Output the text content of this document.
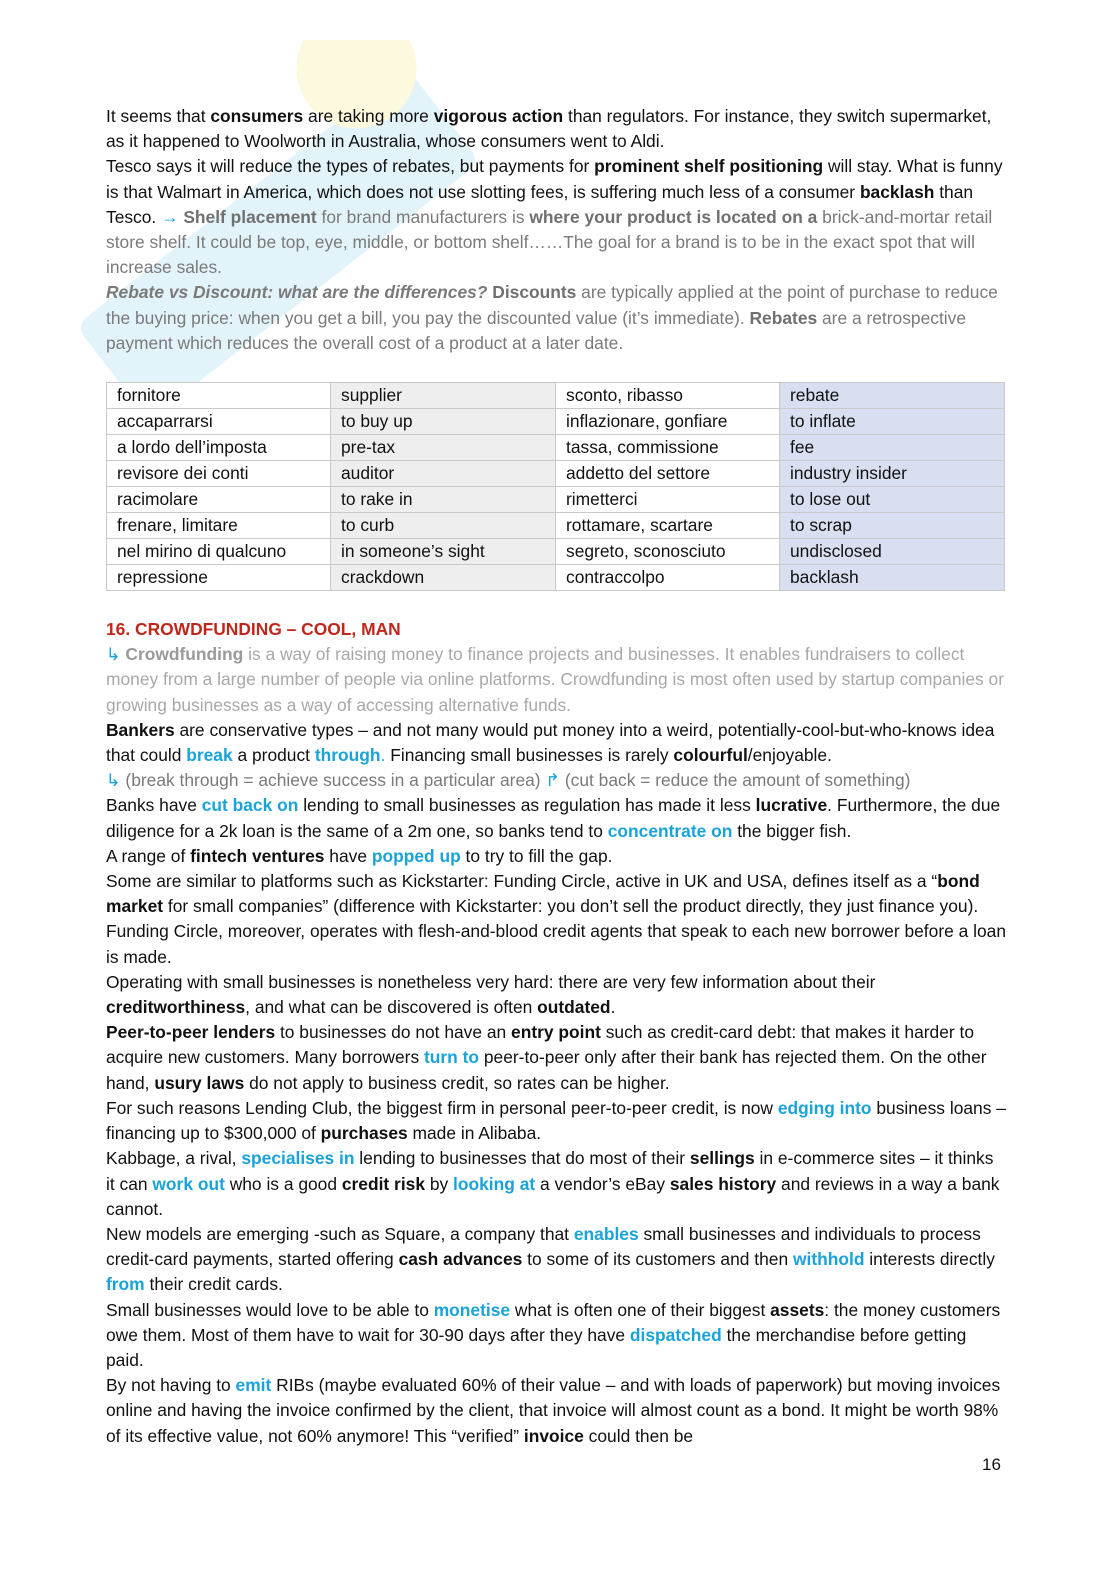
It seems that consumers are taking more vigorous action than regulators. For instance, they switch supermarket, as it happened to Woolworth in Australia, whose consumers went to Aldi.

Tesco says it will reduce the types of rebates, but payments for prominent shelf positioning will stay. What is funny is that Walmart in America, which does not use slotting fees, is suffering much less of a consumer backlash than Tesco. → Shelf placement for brand manufacturers is where your product is located on a brick-and-mortar retail store shelf. It could be top, eye, middle, or bottom shelf……The goal for a brand is to be in the exact spot that will increase sales.

Rebate vs Discount: what are the differences? Discounts are typically applied at the point of purchase to reduce the buying price: when you get a bill, you pay the discounted value (it’s immediate). Rebates are a retrospective payment which reduces the overall cost of a product at a later date.

fornitore	supplier	sconto, ribasso	rebate
accaparrarsi	to buy up	inflazionare, gonfiare	to inflate
a lordo dell’imposta	pre-tax	tassa, commissione	fee
revisore dei conti	auditor	addetto del settore	industry insider
racimolare	to rake in	rimetterci	to lose out
frenare, limitare	to curb	rottamare, scartare	to scrap
nel mirino di qualcuno	in someone’s sight	segreto, sconosciuto	undisclosed
repressione	crackdown	contraccolpo	backlash

16. CROWDFUNDING – COOL, MAN

↳ Crowdfunding is a way of raising money to finance projects and businesses. It enables fundraisers to collect money from a large number of people via online platforms. Crowdfunding is most often used by startup companies or growing businesses as a way of accessing alternative funds.

Bankers are conservative types – and not many would put money into a weird, potentially-cool-but-who-knows idea that could break a product through. Financing small businesses is rarely colourful/enjoyable.

↳ (break through = achieve success in a particular area) ↱ (cut back = reduce the amount of something)

Banks have cut back on lending to small businesses as regulation has made it less lucrative. Furthermore, the due diligence for a 2k loan is the same of a 2m one, so banks tend to concentrate on the bigger fish.

A range of fintech ventures have popped up to try to fill the gap.

Some are similar to platforms such as Kickstarter: Funding Circle, active in UK and USA, defines itself as a “bond market for small companies” (difference with Kickstarter: you don’t sell the product directly, they just finance you). Funding Circle, moreover, operates with flesh-and-blood credit agents that speak to each new borrower before a loan is made.

Operating with small businesses is nonetheless very hard: there are very few information about their creditworthiness, and what can be discovered is often outdated.

Peer-to-peer lenders to businesses do not have an entry point such as credit-card debt: that makes it harder to acquire new customers. Many borrowers turn to peer-to-peer only after their bank has rejected them. On the other hand, usury laws do not apply to business credit, so rates can be higher.

For such reasons Lending Club, the biggest firm in personal peer-to-peer credit, is now edging into business loans – financing up to $300,000 of purchases made in Alibaba.

Kabbage, a rival, specialises in lending to businesses that do most of their sellings in e-commerce sites – it thinks it can work out who is a good credit risk by looking at a vendor’s eBay sales history and reviews in a way a bank cannot.

New models are emerging -such as Square, a company that enables small businesses and individuals to process credit-card payments, started offering cash advances to some of its customers and then withhold interests directly from their credit cards.

Small businesses would love to be able to monetise what is often one of their biggest assets: the money customers owe them. Most of them have to wait for 30-90 days after they have dispatched the merchandise before getting paid.

By not having to emit RIBs (maybe evaluated 60% of their value – and with loads of paperwork) but moving invoices online and having the invoice confirmed by the client, that invoice will almost count as a bond. It might be worth 98% of its effective value, not 60% anymore! This “verified” invoice could then be

16
